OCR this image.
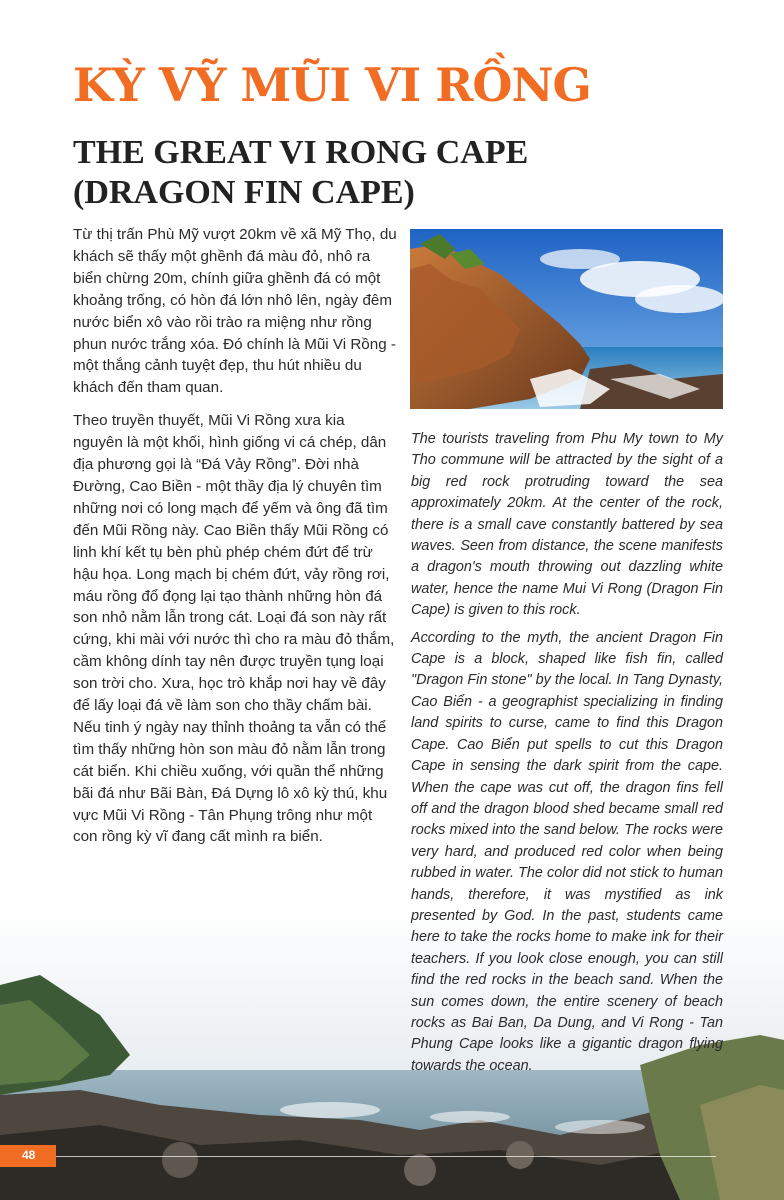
KỲ VỸ MŨI VI RỒNG
THE GREAT VI RONG CAPE
(DRAGON FIN CAPE)

Từ thị trấn Phù Mỹ vượt 20km về xã Mỹ Thọ, du khách sẽ thấy một ghềnh đá màu đỏ, nhô ra biển chừng 20m, chính giữa ghềnh đá có một khoảng trống, có hòn đá lớn nhô lên, ngày đêm nước biển xô vào rồi trào ra miệng như rồng phun nước trắng xóa. Đó chính là Mũi Vi Rồng - một thắng cảnh tuyệt đẹp, thu hút nhiều du khách đến tham quan.

Theo truyền thuyết, Mũi Vi Rồng xưa kia nguyên là một khối, hình giống vi cá chép, dân địa phương gọi là “Đá Vảy Rồng”. Đời nhà Đường, Cao Biền - một thầy địa lý chuyên tìm những nơi có long mạch để yếm và ông đã tìm đến Mũi Rồng này. Cao Biền thấy Mũi Rồng có linh khí kết tụ bèn phù phép chém đứt để trừ hậu họa. Long mạch bị chém đứt, vảy rồng rơi, máu rồng đổ đọng lại tạo thành những hòn đá son nhỏ nằm lẫn trong cát. Loại đá son này rất cứng, khi mài với nước thì cho ra màu đỏ thắm, cầm không dính tay nên được truyền tụng loại son trời cho. Xưa, học trò khắp nơi hay về đây để lấy loại đá về làm son cho thầy chấm bài. Nếu tinh ý ngày nay thỉnh thoảng ta vẫn có thể tìm thấy những hòn son màu đỏ nằm lẫn trong cát biển. Khi chiều xuống, với quần thể những bãi đá như Bãi Bàn, Đá Dựng lô xô kỳ thú, khu vực Mũi Vi Rồng - Tân Phụng trông như một con rồng kỳ vĩ đang cất mình ra biển.

The tourists traveling from Phu My town to My Tho commune will be attracted by the sight of a big red rock protruding toward the sea approximately 20km. At the center of the rock, there is a small cave constantly battered by sea waves. Seen from distance, the scene manifests a dragon's mouth throwing out dazzling white water, hence the name Mui Vi Rong (Dragon Fin Cape) is given to this rock.

According to the myth, the ancient Dragon Fin Cape is a block, shaped like fish fin, called "Dragon Fin stone" by the local. In Tang Dynasty, Cao Biển - a geographist specializing in finding land spirits to curse, came to find this Dragon Cape. Cao Biển put spells to cut this Dragon Cape in sensing the dark spirit from the cape. When the cape was cut off, the dragon fins fell off and the dragon blood shed became small red rocks mixed into the sand below. The rocks were very hard, and produced red color when being rubbed in water. The color did not stick to human hands, therefore, it was mystified as ink presented by God. In the past, students came here to take the rocks home to make ink for their teachers. If you look close enough, you can still find the red rocks in the beach sand. When the sun comes down, the entire scenery of beach rocks as Bai Ban, Da Dung, and Vi Rong - Tan Phung Cape looks like a gigantic dragon flying towards the ocean.

48
